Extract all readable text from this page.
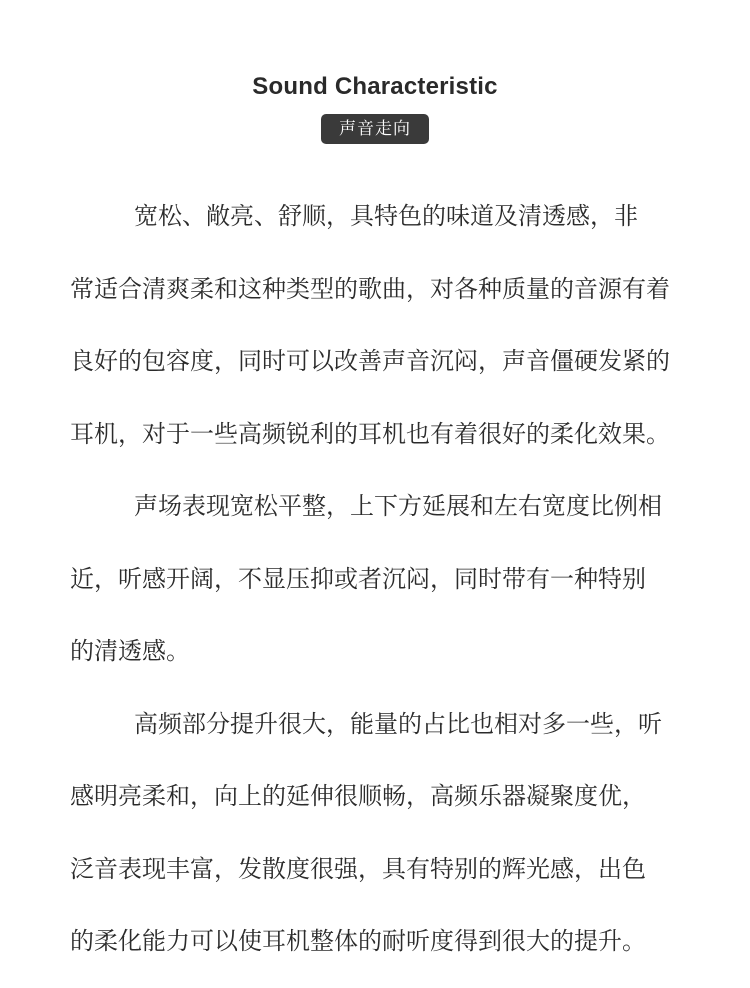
Sound Characteristic
声音走向
宽松、敞亮、舒顺，具特色的味道及清透感，非
常适合清爽柔和这种类型的歌曲，对各种质量的音源有着
良好的包容度，同时可以改善声音沉闷，声音僵硬发紧的
耳机，对于一些高频锐利的耳机也有着很好的柔化效果。
声场表现宽松平整，上下方延展和左右宽度比例相
近，听感开阔，不显压抑或者沉闷，同时带有一种特别
的清透感。
高频部分提升很大，能量的占比也相对多一些，听
感明亮柔和，向上的延伸很顺畅，高频乐器凝聚度优，
泛音表现丰富，发散度很强，具有特别的辉光感，出色
的柔化能力可以使耳机整体的耐听度得到很大的提升。
